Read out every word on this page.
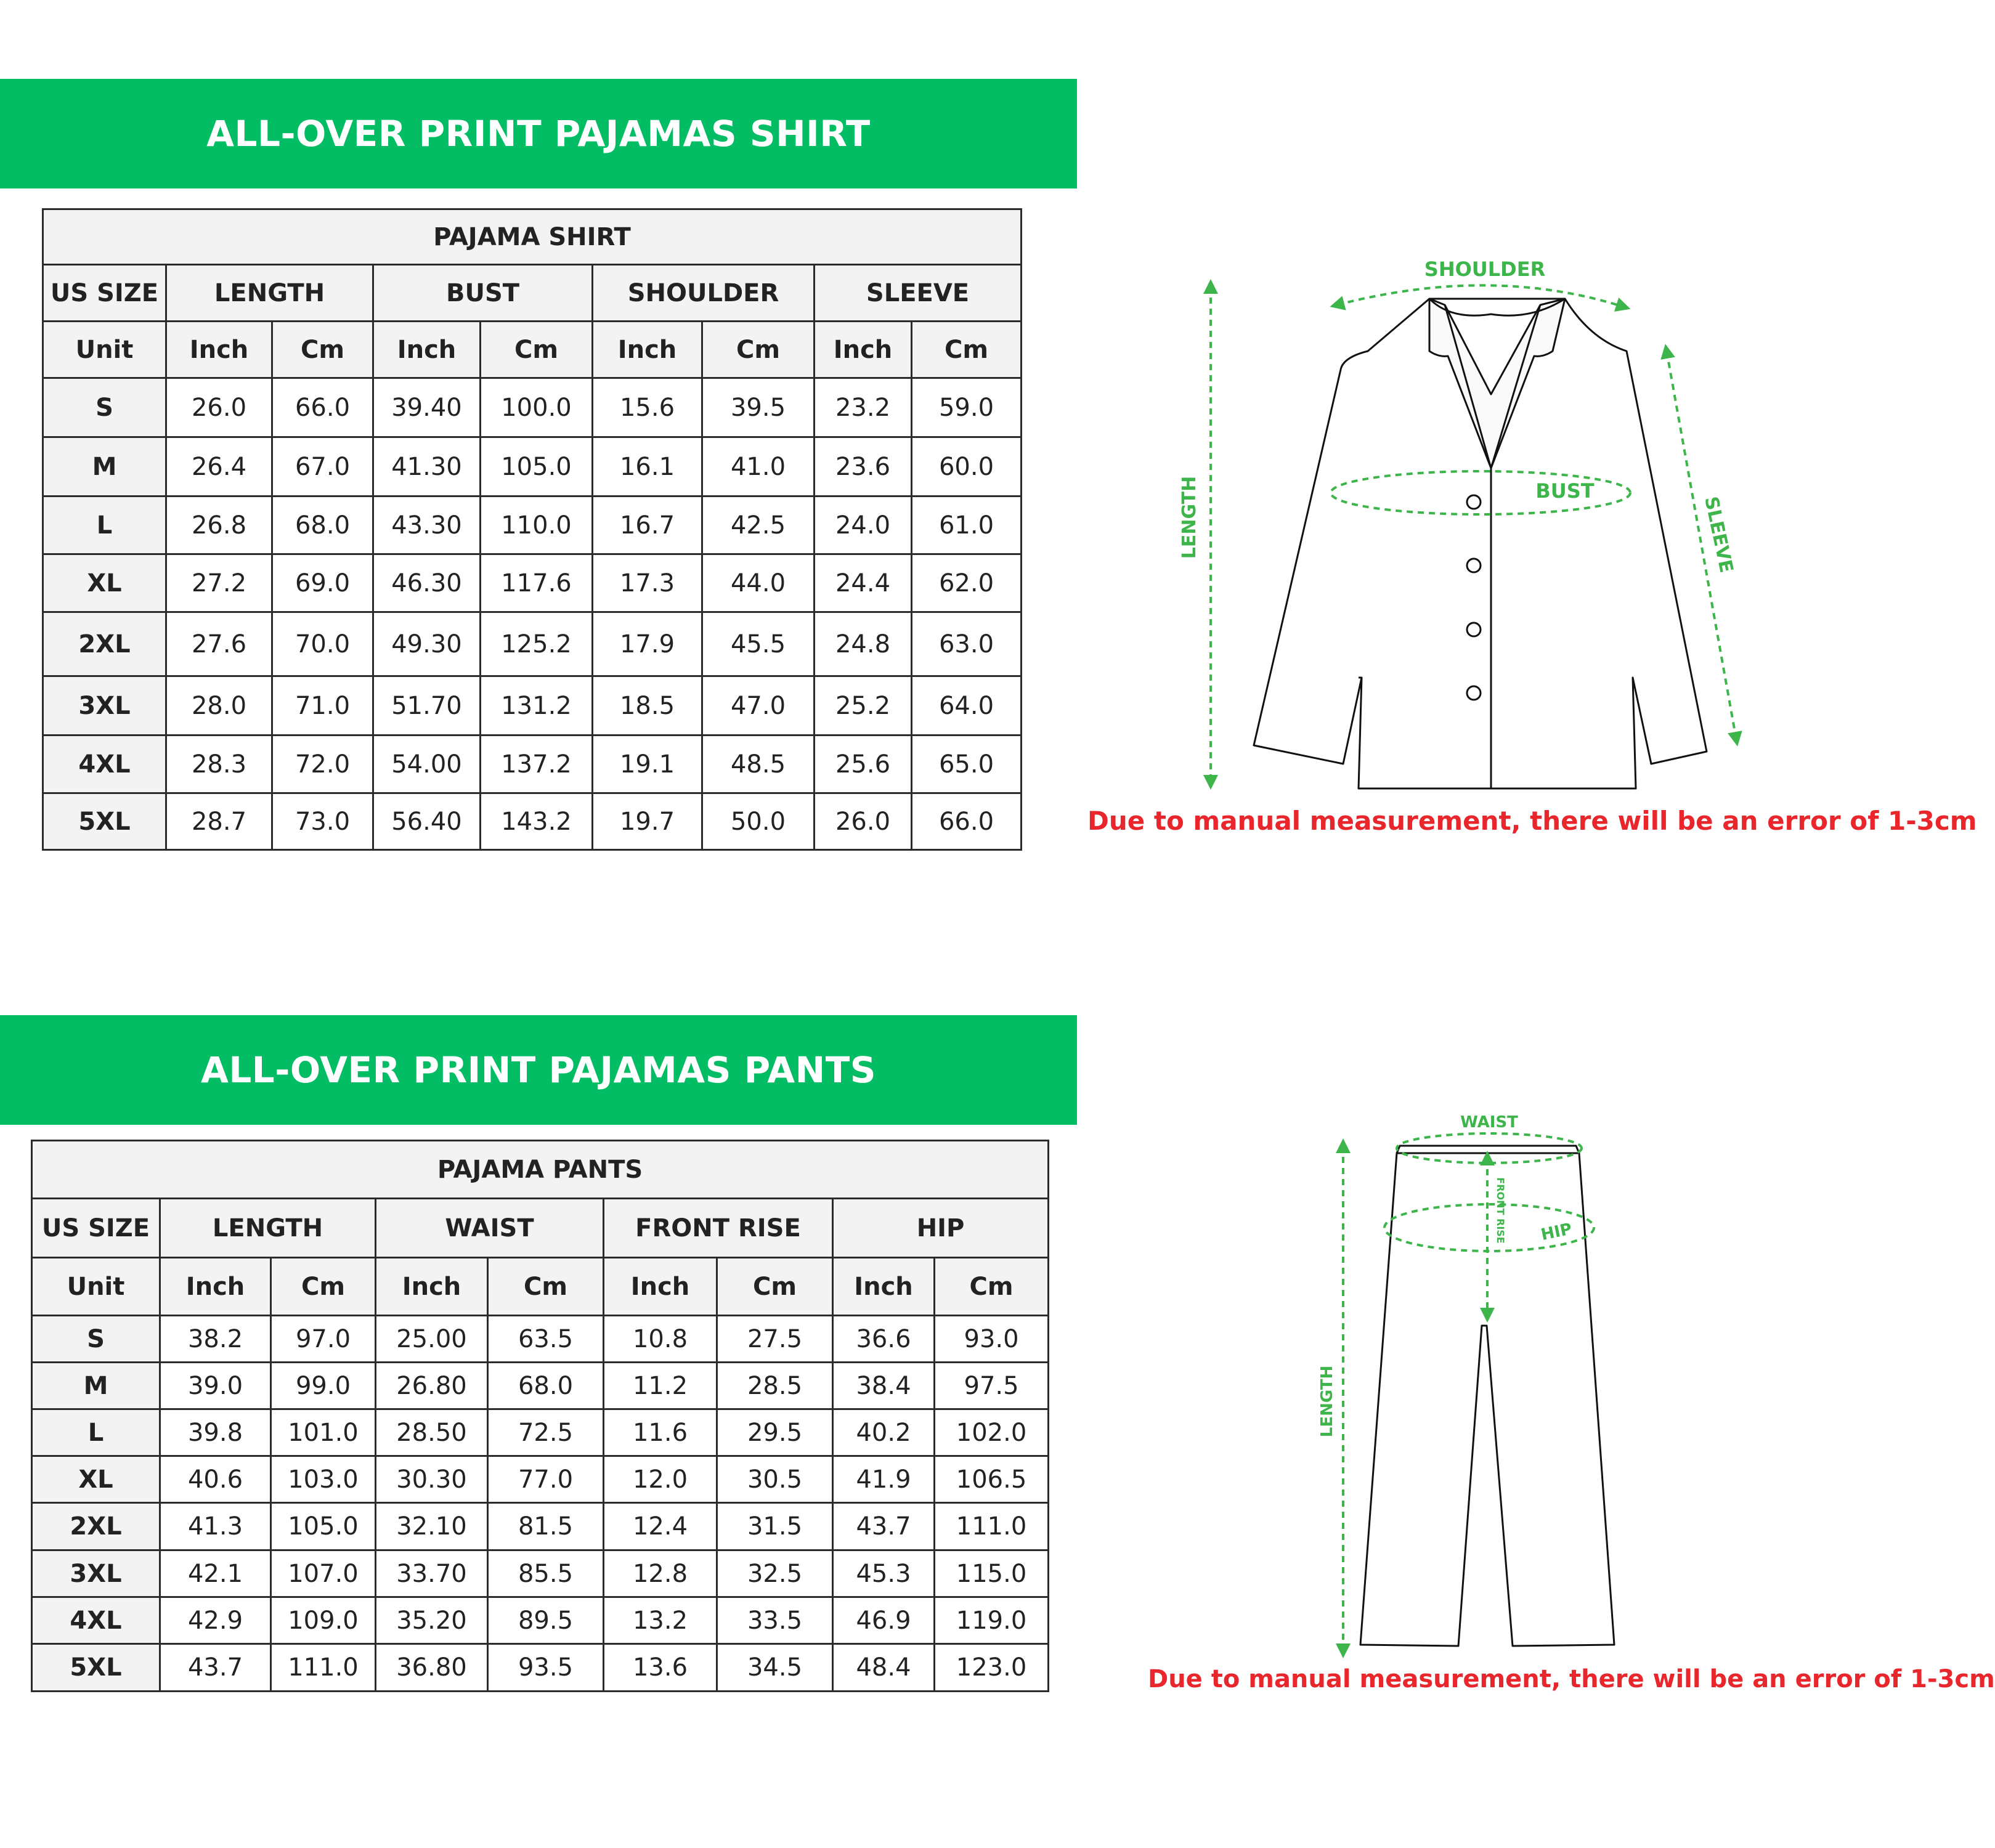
ALL-OVER PRINT PAJAMAS SHIRT
PAJAMA SHIRT								
US SIZE	LENGTH		BUST		SHOULDER		SLEEVE	
Unit	Inch	Cm	Inch	Cm	Inch	Cm	Inch	Cm
S	26.0	66.0	39.40	100.0	15.6	39.5	23.2	59.0
M	26.4	67.0	41.30	105.0	16.1	41.0	23.6	60.0
L	26.8	68.0	43.30	110.0	16.7	42.5	24.0	61.0
XL	27.2	69.0	46.30	117.6	17.3	44.0	24.4	62.0
2XL	27.6	70.0	49.30	125.2	17.9	45.5	24.8	63.0
3XL	28.0	71.0	51.70	131.2	18.5	47.0	25.2	64.0
4XL	28.3	72.0	54.00	137.2	19.1	48.5	25.6	65.0
5XL	28.7	73.0	56.40	143.2	19.7	50.0	26.0	66.0
SHOULDER
BUST
LENGTH	SLEEVE
Due to manual measurement, there will be an error of 1-3cm
ALL-OVER PRINT PAJAMAS PANTS
PAJAMA PANTS								
US SIZE	LENGTH		WAIST		FRONT RISE		HIP	
Unit	Inch	Cm	Inch	Cm	Inch	Cm	Inch	Cm
S	38.2	97.0	25.00	63.5	10.8	27.5	36.6	93.0
M	39.0	99.0	26.80	68.0	11.2	28.5	38.4	97.5
L	39.8	101.0	28.50	72.5	11.6	29.5	40.2	102.0
XL	40.6	103.0	30.30	77.0	12.0	30.5	41.9	106.5
2XL	41.3	105.0	32.10	81.5	12.4	31.5	43.7	111.0
3XL	42.1	107.0	33.70	85.5	12.8	32.5	45.3	115.0
4XL	42.9	109.0	35.20	89.5	13.2	33.5	46.9	119.0
5XL	43.7	111.0	36.80	93.5	13.6	34.5	48.4	123.0
WAIST
HIP
FRONT RISE
LENGTH
Due to manual measurement, there will be an error of 1-3cm
